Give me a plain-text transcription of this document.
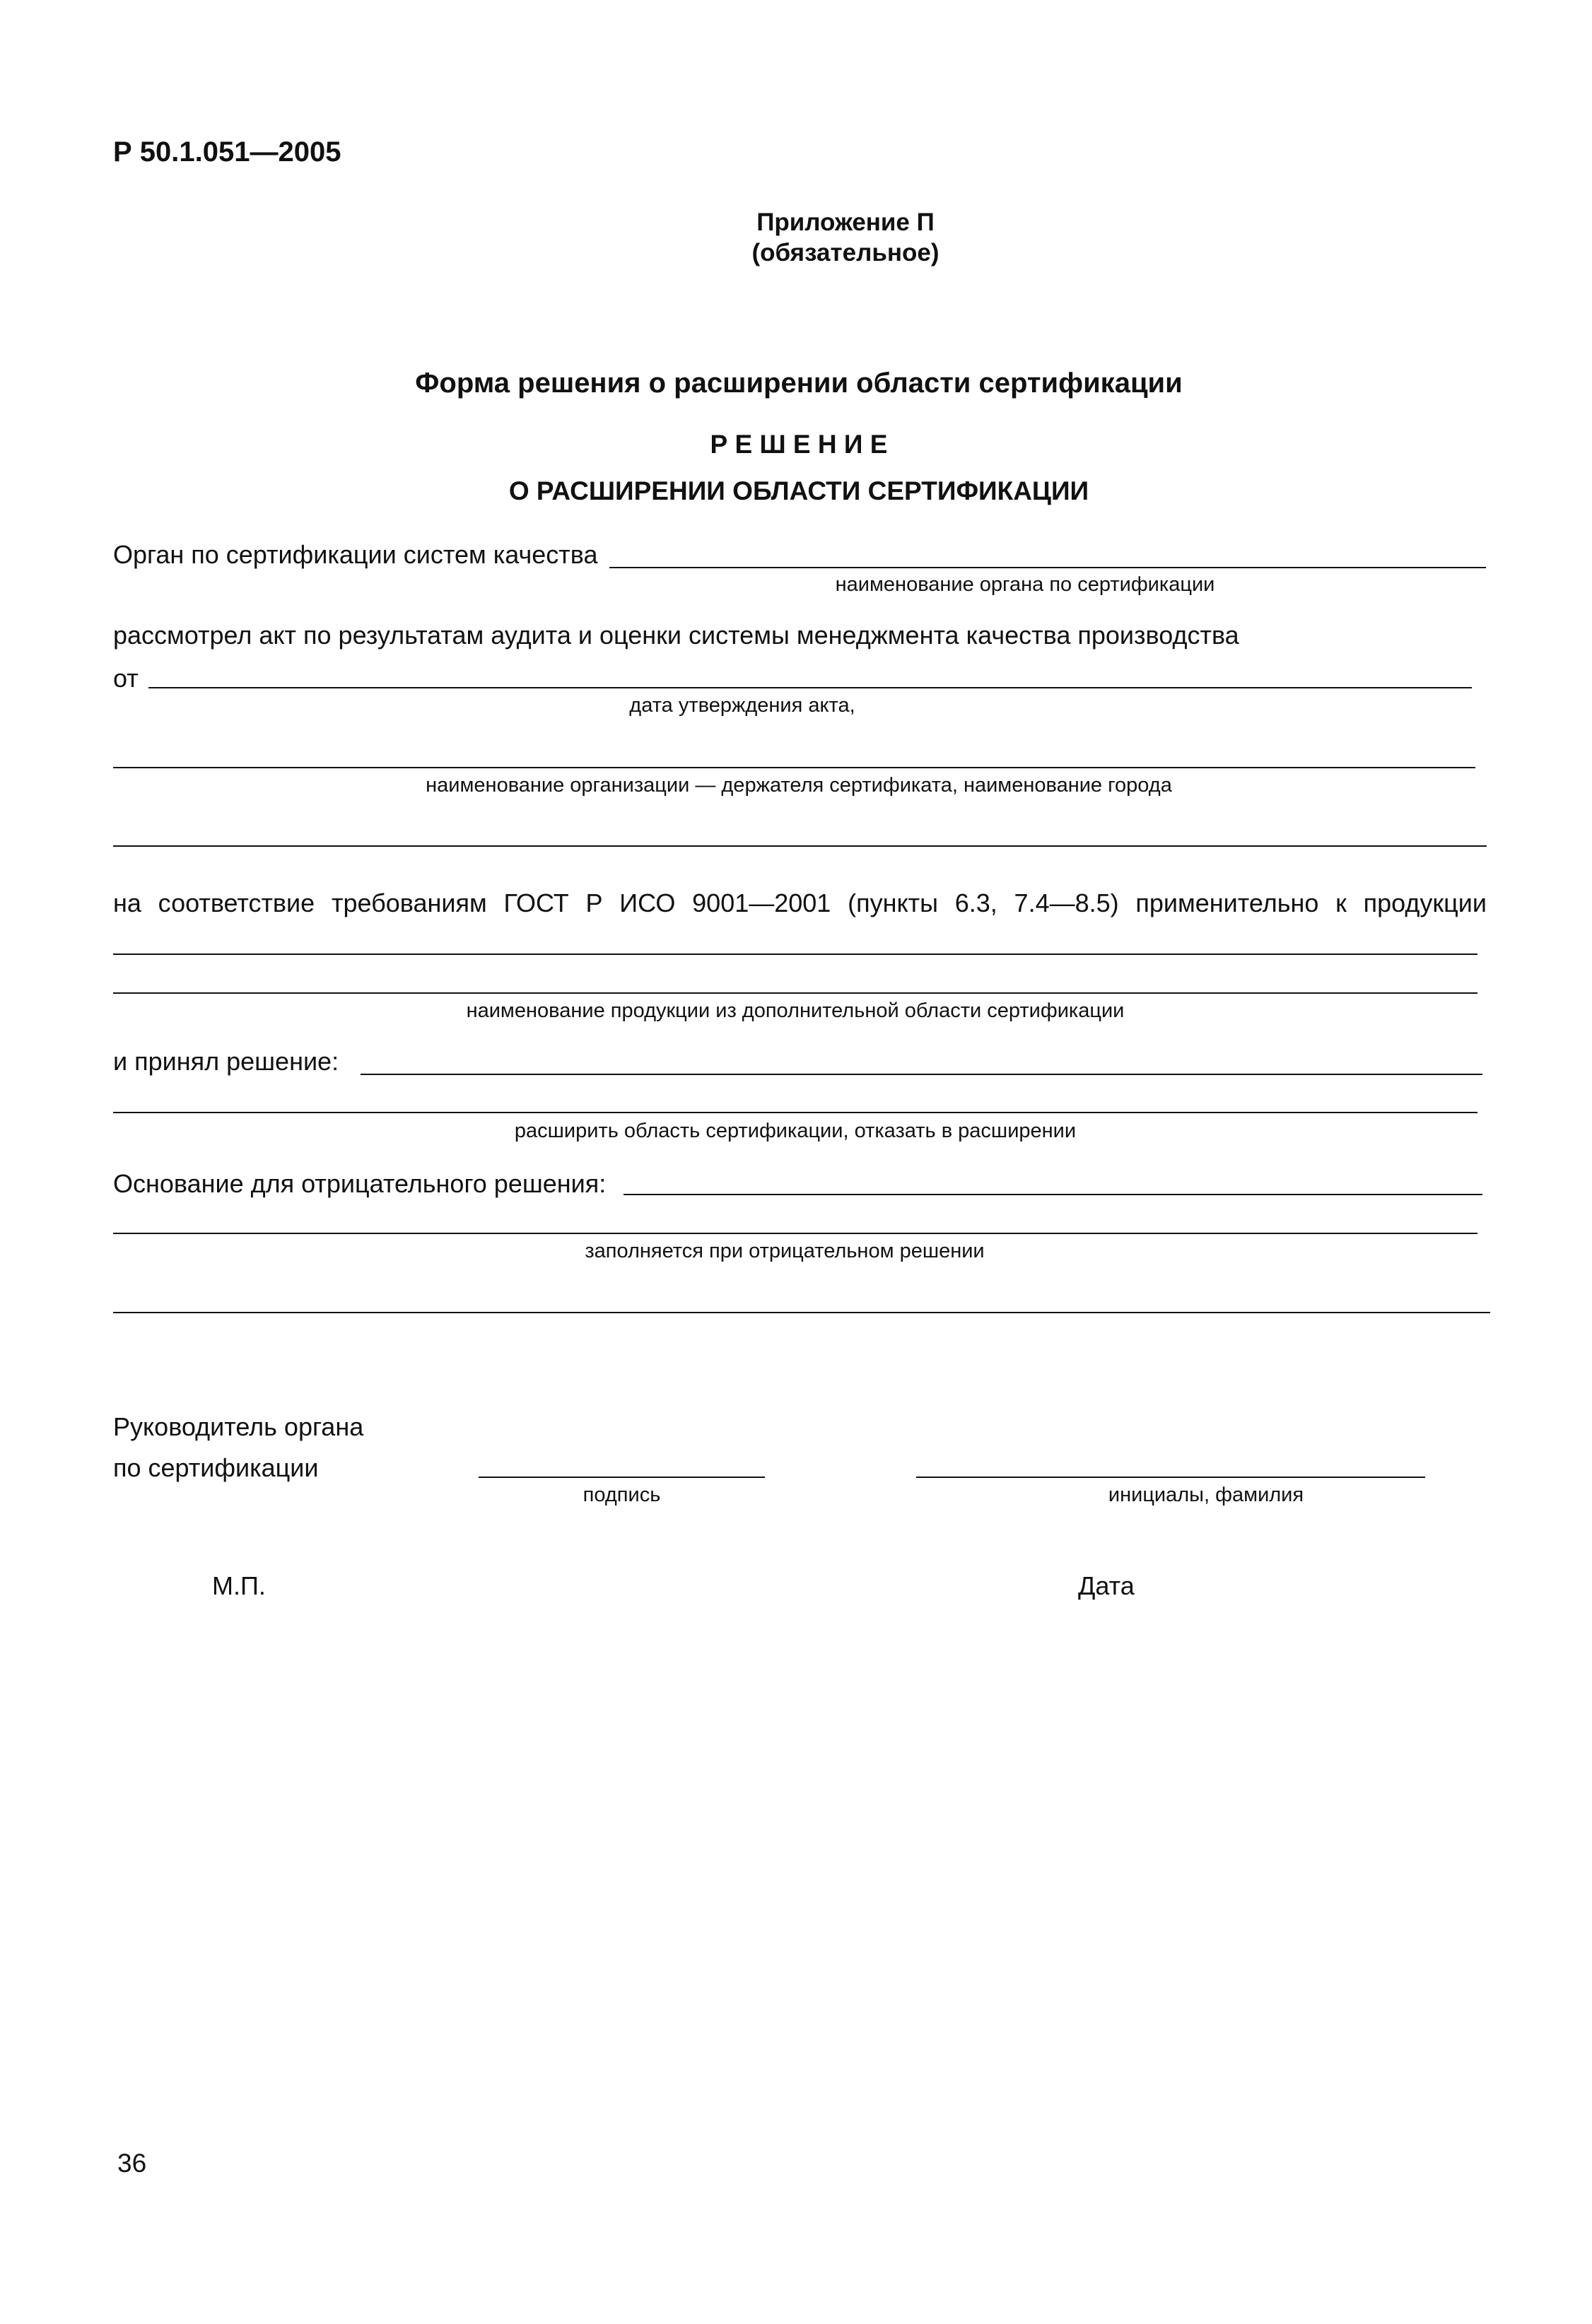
Р 50.1.051—2005
Приложение П
(обязательное)
Форма решения о расширении области сертификации
Р Е Ш Е Н И Е
О РАСШИРЕНИИ ОБЛАСТИ СЕРТИФИКАЦИИ
Орган по сертификации систем качества
наименование органа по сертификации
рассмотрел акт по результатам аудита и оценки системы менеджмента качества производства
от
дата утверждения акта,
наименование организации — держателя сертификата, наименование города
на соответствие требованиям ГОСТ Р ИСО 9001—2001 (пункты 6.3, 7.4—8.5) применительно к продукции
наименование продукции из дополнительной области сертификации
и принял решение:
расширить область сертификации, отказать в расширении
Основание для отрицательного решения:
заполняется при отрицательном решении
Руководитель органа
по сертификации
подпись	инициалы, фамилия
М.П.	Дата
36
